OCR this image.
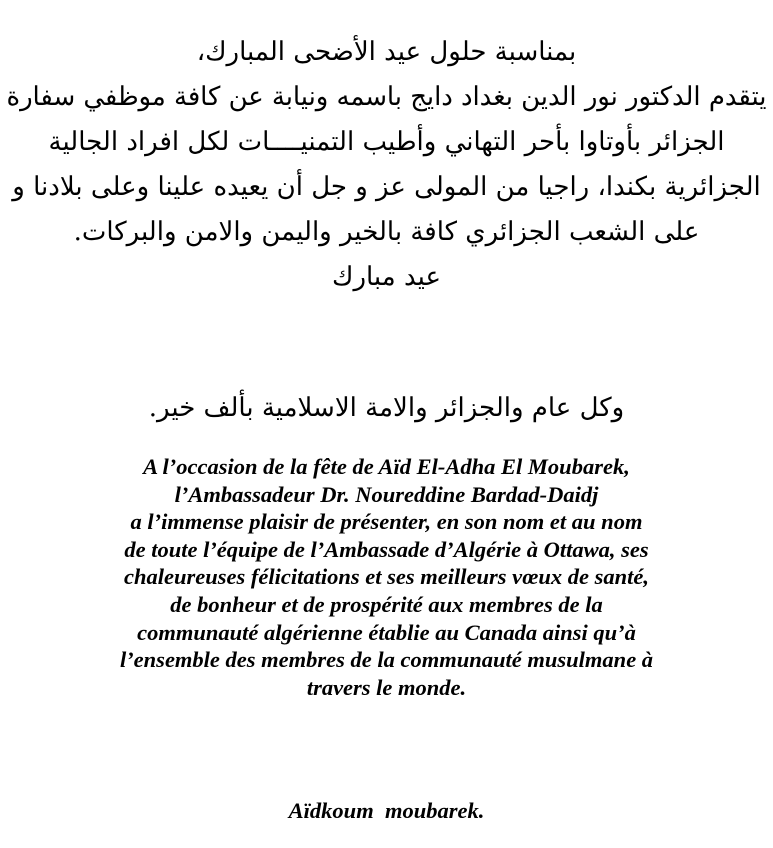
بمناسبة حلول عيد الأضحى المبارك،
يتقدم الدكتور نور الدين بغداد دايج باسمه ونيابة عن كافة موظفي سفارة
الجزائر بأوتاوا بأحر التهاني وأطيب التمنيــــات لكل افراد الجالية
الجزائرية بكندا، راجيا من المولى عز و جل أن يعيده علينا وعلى بلادنا و
على الشعب الجزائري كافة بالخير واليمن والامن والبركات.
عيد مبارك
وكل عام والجزائر والامة الاسلامية بألف خير.
A l’occasion de la fête de Aïd El-Adha El Moubarek,
l’Ambassadeur Dr. Noureddine Bardad-Daidj
a l’immense plaisir de présenter, en son nom et au nom
de toute l’équipe de l’Ambassade d’Algérie à Ottawa, ses
chaleureuses félicitations et ses meilleurs vœux de santé,
de bonheur et de prospérité aux membres de la
communauté algérienne établie au Canada ainsi qu’à
l’ensemble des membres de la communauté musulmane à
travers le monde.
Aïdkoum  moubarek.
